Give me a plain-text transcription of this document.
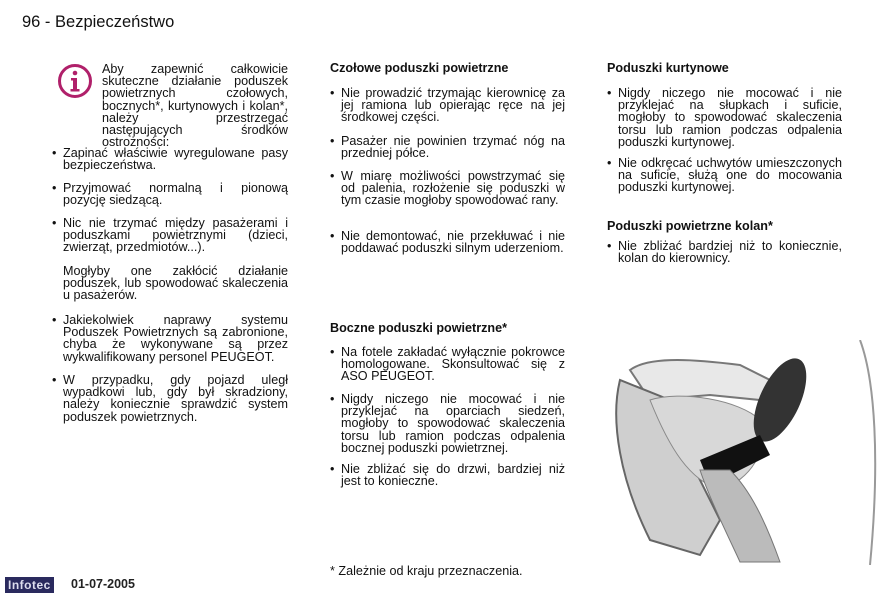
96 - Bezpieczeństwo
Aby zapewnić całkowicie skuteczne działanie poduszek powietrznych czołowych, bocznych*, kurtynowych i kolan*, należy przestrzegać następujących środków ostrożności:
• Zapinać właściwie wyregulowane pasy bezpieczeństwa.
• Przyjmować normalną i pionową pozycję siedzącą.
• Nic nie trzymać między pasażerami i poduszkami powietrznymi (dzieci, zwierząt, przedmiotów...).
Mogłyby one zakłócić działanie poduszek, lub spowodować skaleczenia u pasażerów.
• Jakiekolwiek naprawy systemu Poduszek Powietrznych są zabronione, chyba że wykonywane są przez wykwalifikowany personel PEUGEOT.
• W przypadku, gdy pojazd uległ wypadkowi lub, gdy był skradziony, należy koniecznie sprawdzić system poduszek powietrznych.
Czołowe poduszki powietrzne
• Nie prowadzić trzymając kierownicę za jej ramiona lub opierając ręce na jej środkowej części.
• Pasażer nie powinien trzymać nóg na przedniej półce.
• W miarę możliwości powstrzymać się od palenia, rozłożenie się poduszki w tym czasie mogłoby spowodować rany.
• Nie demontować, nie przekłuwać i nie poddawać poduszki silnym uderzeniom.
Boczne poduszki powietrzne*
• Na fotele zakładać wyłącznie pokrowce homologowane. Skonsultować się z ASO PEUGEOT.
• Nigdy niczego nie mocować i nie przyklejać na oparciach siedzeń, mogłoby to spowodować skaleczenia torsu lub ramion podczas odpalenia bocznej poduszki powietrznej.
• Nie zbliżać się do drzwi, bardziej niż jest to konieczne.
* Zależnie od kraju przeznaczenia.
Poduszki kurtynowe
• Nigdy niczego nie mocować i nie przyklejać na słupkach i suficie, mogłoby to spowodować skaleczenia torsu lub ramion podczas odpalenia poduszki kurtynowej.
• Nie odkręcać uchwytów umieszczonych na suficie, służą one do mocowania poduszki kurtynowej.
Poduszki powietrzne kolan*
• Nie zbliżać bardziej niż to koniecznie, kolan do kierownicy.
Infotec 01-07-2005
